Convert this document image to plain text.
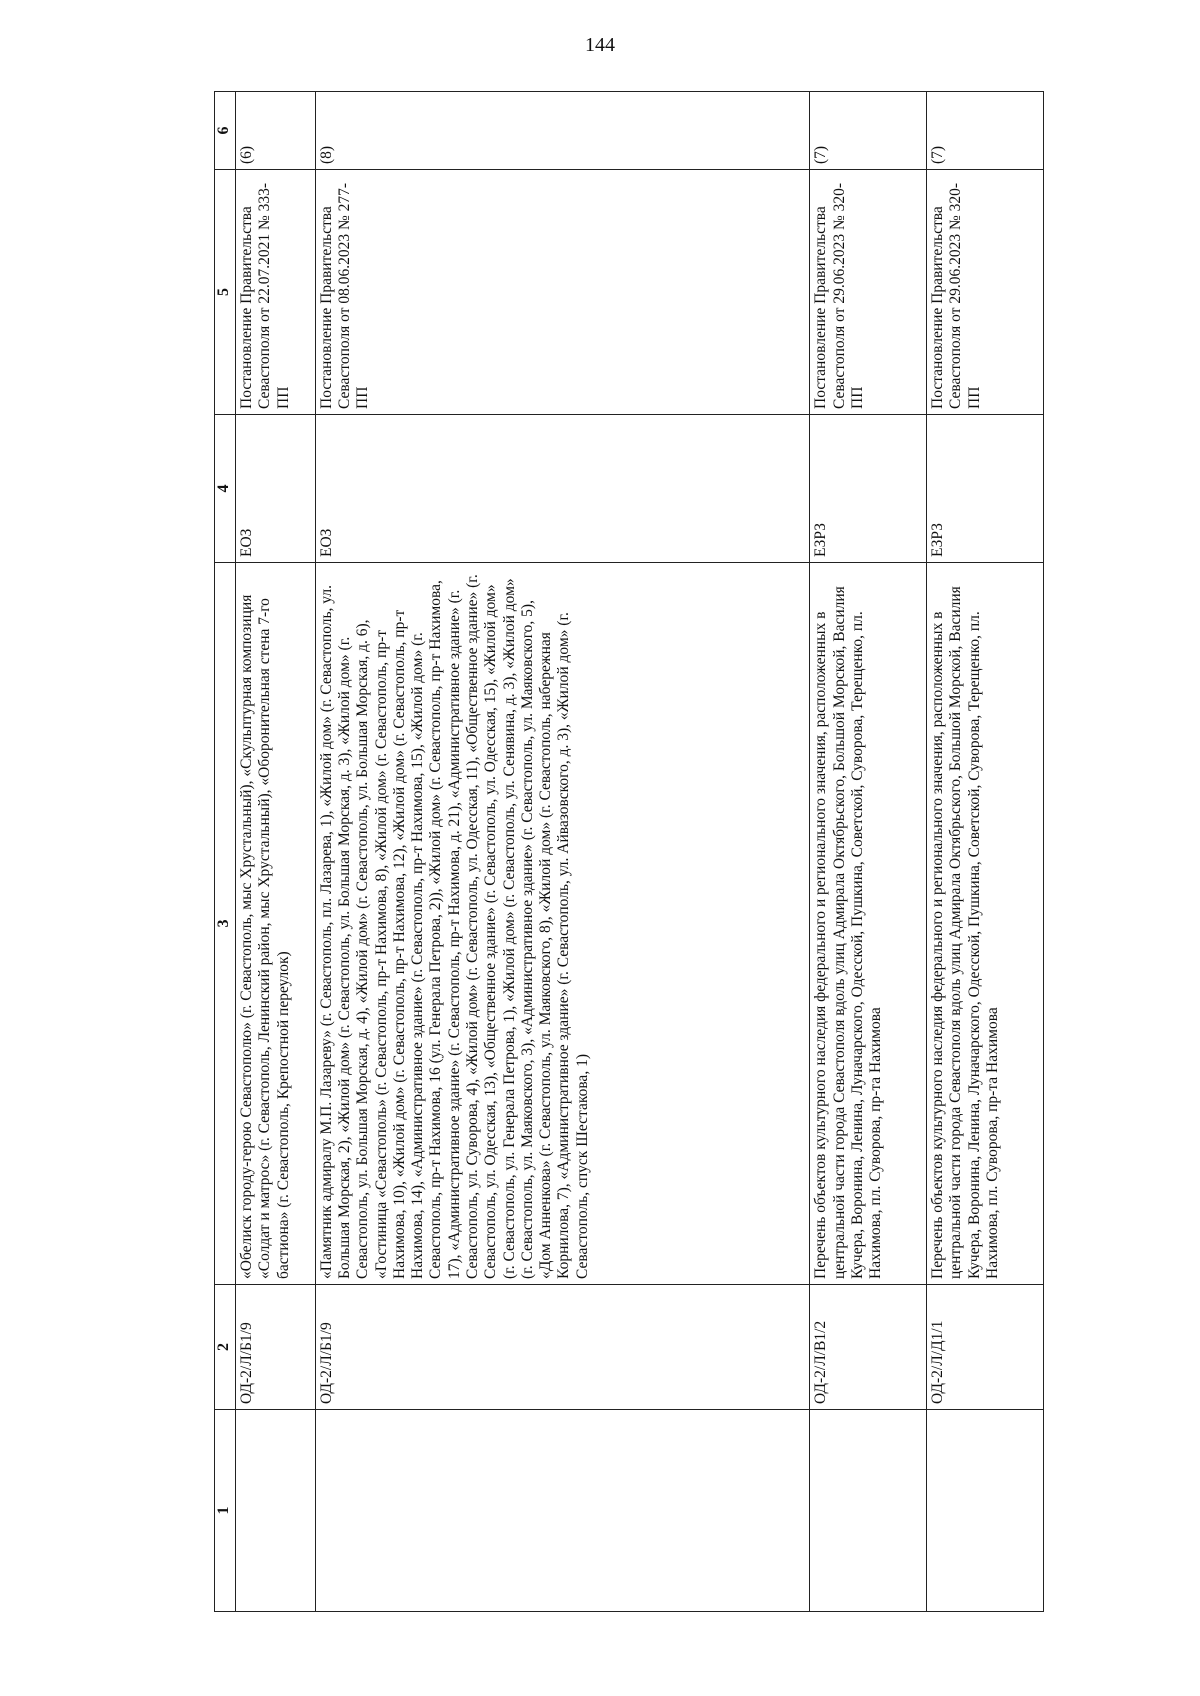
144
1	2	3	4	5	6
	ОД-2/Л/Б1/9	«Обелиск городу-герою Севастополю» (г. Севастополь, мыс Хрустальный), «Скульптурная композиция «Солдат и матрос» (г. Севастополь, Ленинский район, мыс Хрустальный), «Оборонительная стена 7-го бастиона» (г. Севастополь, Крепостной переулок)	ЕОЗ	Постановление Правительства Севастополя от 22.07.2021 № 333-ПП	(6)
	ОД-2/Л/Б1/9	«Памятник адмиралу М.П. Лазареву» (г. Севастополь, пл. Лазарева, 1), «Жилой дом» (г. Севастополь, ул. Большая Морская, 2), «Жилой дом» (г. Севастополь, ул. Большая Морская, д. 3), «Жилой дом» (г. Севастополь, ул. Большая Морская, д. 4), «Жилой дом» (г. Севастополь, ул. Большая Морская, д. 6), «Гостиница «Севастополь» (г. Севастополь, пр-т Нахимова, 8), «Жилой дом» (г. Севастополь, пр-т Нахимова, 10), «Жилой дом» (г. Севастополь, пр-т Нахимова, 12), «Жилой дом» (г. Севастополь, пр-т Нахимова, 14), «Административное здание» (г. Севастополь, пр-т Нахимова, 15), «Жилой дом» (г. Севастополь, пр-т Нахимова, 16 (ул. Генерала Петрова, 2)), «Жилой дом» (г. Севастополь, пр-т Нахимова, 17), «Административное здание» (г. Севастополь, пр-т Нахимова, д. 21), «Административное здание» (г. Севастополь, ул. Суворова, 4), «Жилой дом» (г. Севастополь, ул. Одесская, 11), «Общественное здание» (г. Севастополь, ул. Одесская, 13), «Общественное здание» (г. Севастополь, ул. Одесская, 15), «Жилой дом» (г. Севастополь, ул. Генерала Петрова, 1), «Жилой дом» (г. Севастополь, ул. Сенявина, д. 3), «Жилой дом» (г. Севастополь, ул. Маяковского, 3), «Административное здание» (г. Севастополь, ул. Маяковского, 5), «Дом Анненкова» (г. Севастополь, ул. Маяковского, 8), «Жилой дом» (г. Севастополь, набережная Корнилова, 7), «Административное здание» (г. Севастополь, ул. Айвазовского, д. 3), «Жилой дом» (г. Севастополь, спуск Шестакова, 1)	ЕОЗ	Постановление Правительства Севастополя от 08.06.2023 № 277-ПП	(8)
	ОД-2/Л/В1/2	Перечень объектов культурного наследия федерального и регионального значения, расположенных в центральной части города Севастополя вдоль улиц Адмирала Октябрьского, Большой Морской, Василия Кучера, Воронина, Ленина, Луначарского, Одесской, Пушкина, Советской, Суворова, Терещенко, пл. Нахимова, пл. Суворова, пр-та Нахимова	ЕЗРЗ	Постановление Правительства Севастополя от 29.06.2023 № 320-ПП	(7)
	ОД-2/Л/Д1/1	Перечень объектов культурного наследия федерального и регионального значения, расположенных в центральной части города Севастополя вдоль улиц Адмирала Октябрьского, Большой Морской, Василия Кучера, Воронина, Ленина, Луначарского, Одесской, Пушкина, Советской, Суворова, Терещенко, пл. Нахимова, пл. Суворова, пр-та Нахимова	ЕЗРЗ	Постановление Правительства Севастополя от 29.06.2023 № 320-ПП	(7)
